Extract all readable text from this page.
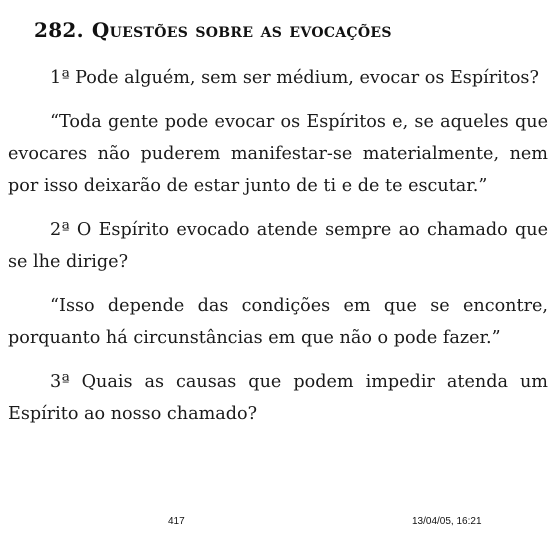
282. Questões sobre as evocações

1ª Pode alguém, sem ser médium, evocar os Espíritos?

“Toda gente pode evocar os Espíritos e, se aqueles que evocares não puderem manifestar-se materialmente, nem por isso deixarão de estar junto de ti e de te escutar.”

2ª O Espírito evocado atende sempre ao chamado que se lhe dirige?

“Isso depende das condições em que se encontre, porquanto há circunstâncias em que não o pode fazer.”

3ª Quais as causas que podem impedir atenda um Espírito ao nosso chamado?

417	13/04/05, 16:21
